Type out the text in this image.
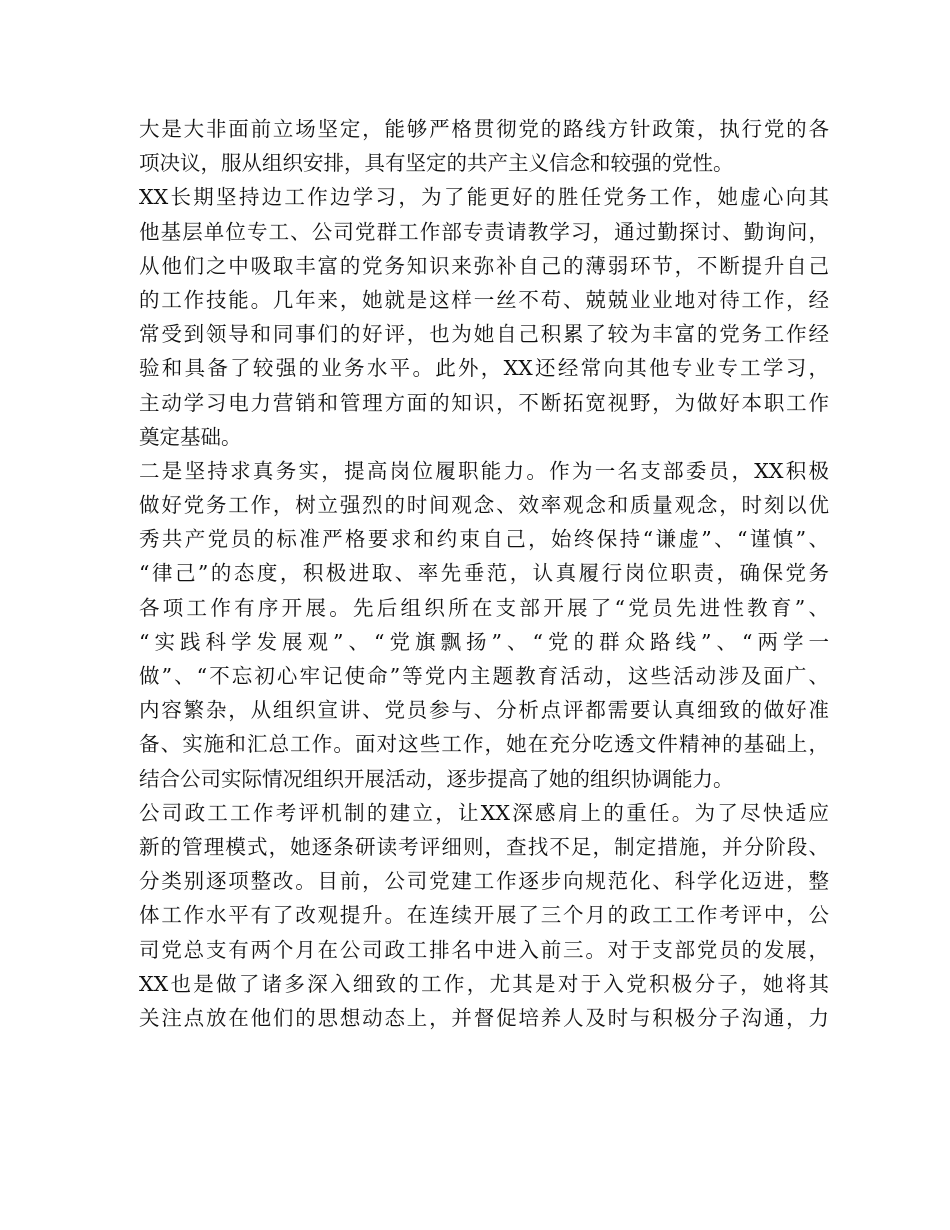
大是大非面前立场坚定，能够严格贯彻党的路线方针政策，执行党的各
项决议，服从组织安排，具有坚定的共产主义信念和较强的党性。
XX长期坚持边工作边学习，为了能更好的胜任党务工作，她虚心向其
他基层单位专工、公司党群工作部专责请教学习，通过勤探讨、勤询问，
从他们之中吸取丰富的党务知识来弥补自己的薄弱环节，不断提升自己
的工作技能。几年来，她就是这样一丝不苟、兢兢业业地对待工作，经
常受到领导和同事们的好评，也为她自己积累了较为丰富的党务工作经
验和具备了较强的业务水平。此外，XX还经常向其他专业专工学习，
主动学习电力营销和管理方面的知识，不断拓宽视野，为做好本职工作
奠定基础。
二是坚持求真务实，提高岗位履职能力。作为一名支部委员，XX积极
做好党务工作，树立强烈的时间观念、效率观念和质量观念，时刻以优
秀共产党员的标准严格要求和约束自己，始终保持“谦虚”、“谨慎”、
“律己”的态度，积极进取、率先垂范，认真履行岗位职责，确保党务
各项工作有序开展。先后组织所在支部开展了“党员先进性教育”、
“实践科学发展观”、“党旗飘扬”、“党的群众路线”、“两学一
做”、“不忘初心牢记使命”等党内主题教育活动，这些活动涉及面广、
内容繁杂，从组织宣讲、党员参与、分析点评都需要认真细致的做好准
备、实施和汇总工作。面对这些工作，她在充分吃透文件精神的基础上，
结合公司实际情况组织开展活动，逐步提高了她的组织协调能力。
公司政工工作考评机制的建立，让XX深感肩上的重任。为了尽快适应
新的管理模式，她逐条研读考评细则，查找不足，制定措施，并分阶段、
分类别逐项整改。目前，公司党建工作逐步向规范化、科学化迈进，整
体工作水平有了改观提升。在连续开展了三个月的政工工作考评中，公
司党总支有两个月在公司政工排名中进入前三。对于支部党员的发展，
XX也是做了诸多深入细致的工作，尤其是对于入党积极分子，她将其
关注点放在他们的思想动态上，并督促培养人及时与积极分子沟通，力
